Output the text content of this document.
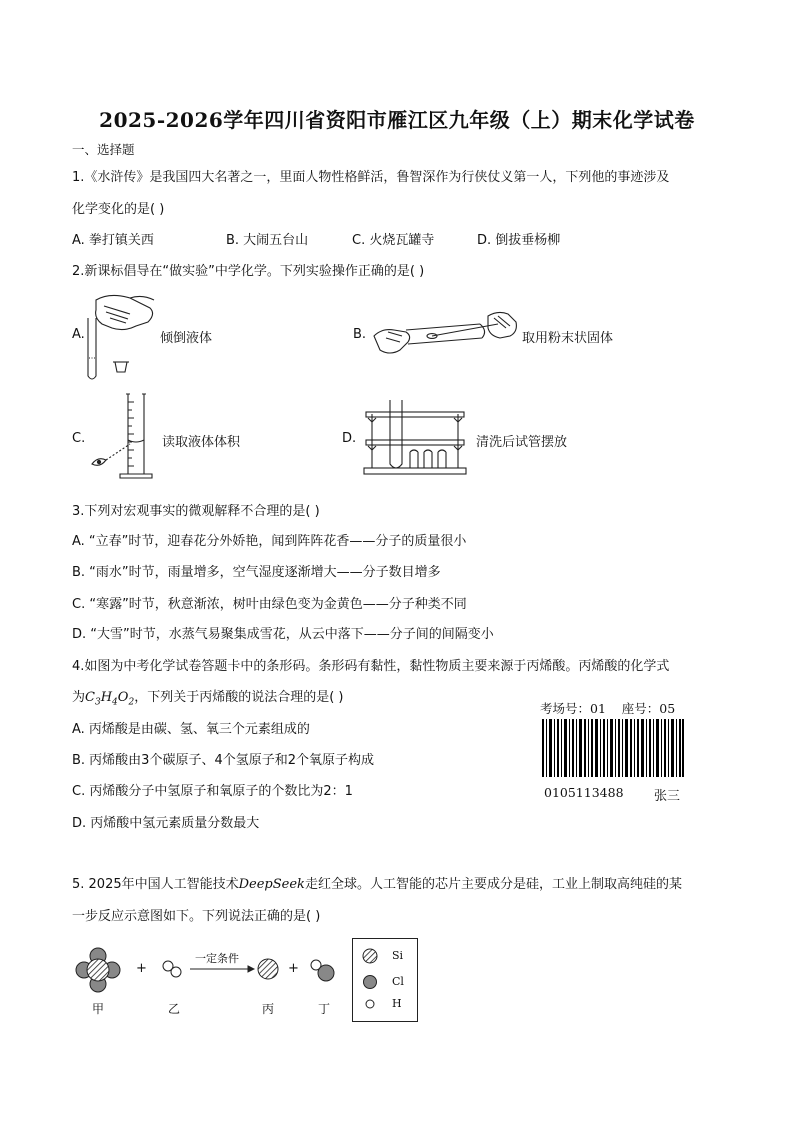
2025-2026学年四川省资阳市雁江区九年级（上）期末化学试卷
一、选择题
1.《水浒传》是我国四大名著之一，里面人物性格鲜活，鲁智深作为行侠仗义第一人，下列他的事迹涉及
化学变化的是( )
A. 拳打镇关西	B. 大闹五台山	C. 火烧瓦罐寺	D. 倒拔垂杨柳
2.新课标倡导在“做实验”中学化学。下列实验操作正确的是( )
A.	倾倒液体	B.	取用粉末状固体
C.	读取液体体积	D.	清洗后试管摆放
3.下列对宏观事实的微观解释不合理的是( )
A. “立春”时节，迎春花分外娇艳，闻到阵阵花香——分子的质量很小
B. “雨水”时节，雨量增多，空气湿度逐渐增大——分子数目增多
C. “寒露”时节，秋意渐浓，树叶由绿色变为金黄色——分子种类不同
D. “大雪”时节，水蒸气易聚集成雪花，从云中落下——分子间的间隔变小
4.如图为中考化学试卷答题卡中的条形码。条形码有黏性，黏性物质主要来源于丙烯酸。丙烯酸的化学式
为$C_3H_4O_2$，下列关于丙烯酸的说法合理的是( )
A. 丙烯酸是由碳、氢、氧三个元素组成的
B. 丙烯酸由3个碳原子、4个氢原子和2个氧原子构成
C. 丙烯酸分子中氢原子和氧原子的个数比为2：1
D. 丙烯酸中氢元素质量分数最大
考场号：01    座号：05
0105113488 张三
5. 2025年中国人工智能技术DeepSeek走红全球。人工智能的芯片主要成分是硅，工业上制取高纯硅的某
一步反应示意图如下。下列说法正确的是( )
+	+
一定条件
甲	乙	丙	丁
Si
Cl
H
